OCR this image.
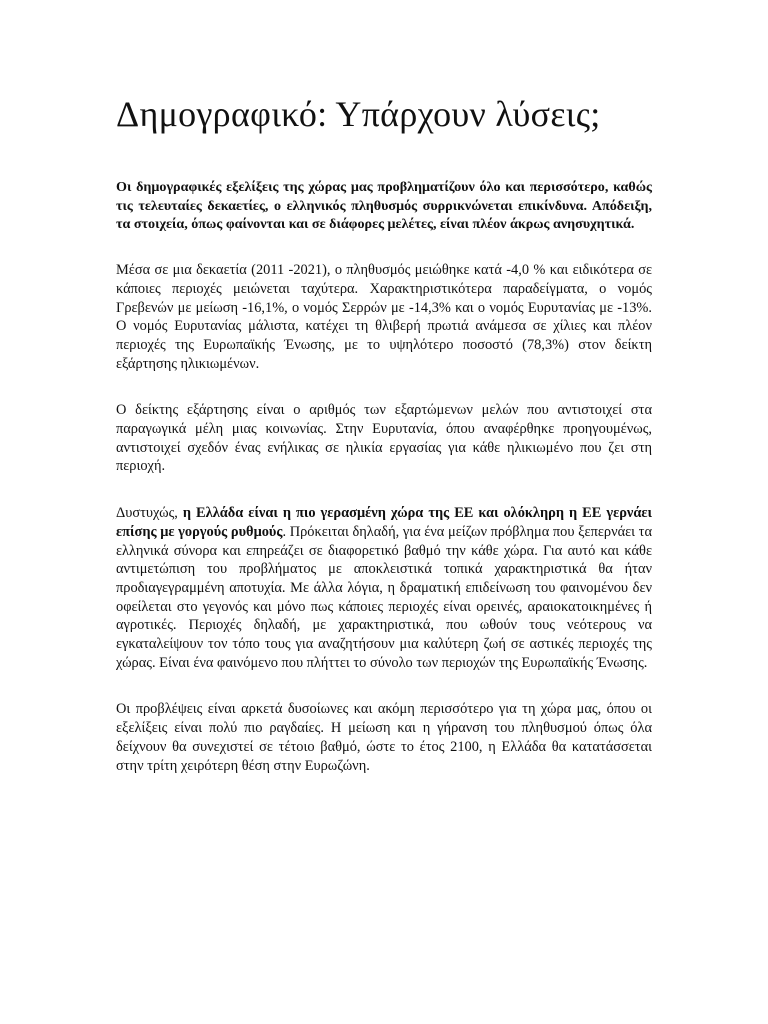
Δημογραφικό: Υπάρχουν λύσεις;

Οι δημογραφικές εξελίξεις της χώρας μας προβληματίζουν όλο και περισσότερο, καθώς τις τελευταίες δεκαετίες, ο ελληνικός πληθυσμός συρρικνώνεται επικίνδυνα. Απόδειξη, τα στοιχεία, όπως φαίνονται και σε διάφορες μελέτες, είναι πλέον άκρως ανησυχητικά.

Μέσα σε μια δεκαετία (2011 -2021), ο πληθυσμός μειώθηκε κατά -4,0 % και ειδικότερα σε κάποιες περιοχές μειώνεται ταχύτερα. Χαρακτηριστικότερα παραδείγματα, ο νομός Γρεβενών με μείωση -16,1%, ο νομός Σερρών με -14,3% και ο νομός Ευρυτανίας με -13%. Ο νομός Ευρυτανίας μάλιστα, κατέχει τη θλιβερή πρωτιά ανάμεσα σε χίλιες και πλέον περιοχές της Ευρωπαϊκής Ένωσης, με το υψηλότερο ποσοστό (78,3%) στον δείκτη εξάρτησης ηλικιωμένων.

Ο δείκτης εξάρτησης είναι ο αριθμός των εξαρτώμενων μελών που αντιστοιχεί στα παραγωγικά μέλη μιας κοινωνίας. Στην Ευρυτανία, όπου αναφέρθηκε προηγουμένως, αντιστοιχεί σχεδόν ένας ενήλικας σε ηλικία εργασίας για κάθε ηλικιωμένο που ζει στη περιοχή.

Δυστυχώς, η Ελλάδα είναι η πιο γερασμένη χώρα της ΕΕ και ολόκληρη η ΕΕ γερνάει επίσης με γοργούς ρυθμούς. Πρόκειται δηλαδή, για ένα μείζων πρόβλημα που ξεπερνάει τα ελληνικά σύνορα και επηρεάζει σε διαφορετικό βαθμό την κάθε χώρα. Για αυτό και κάθε αντιμετώπιση του προβλήματος με αποκλειστικά τοπικά χαρακτηριστικά θα ήταν προδιαγεγραμμένη αποτυχία. Με άλλα λόγια, η δραματική επιδείνωση του φαινομένου δεν οφείλεται στο γεγονός και μόνο πως κάποιες περιοχές είναι ορεινές, αραιοκατοικημένες ή αγροτικές. Περιοχές δηλαδή, με χαρακτηριστικά, που ωθούν τους νεότερους να εγκαταλείψουν τον τόπο τους για αναζητήσουν μια καλύτερη ζωή σε αστικές περιοχές της χώρας. Είναι ένα φαινόμενο που πλήττει το σύνολο των περιοχών της Ευρωπαϊκής Ένωσης.

Οι προβλέψεις είναι αρκετά δυσοίωνες και ακόμη περισσότερο για τη χώρα μας, όπου οι εξελίξεις είναι πολύ πιο ραγδαίες. Η μείωση και η γήρανση του πληθυσμού όπως όλα δείχνουν θα συνεχιστεί σε τέτοιο βαθμό, ώστε το έτος 2100, η Ελλάδα θα κατατάσσεται στην τρίτη χειρότερη θέση στην Ευρωζώνη.
